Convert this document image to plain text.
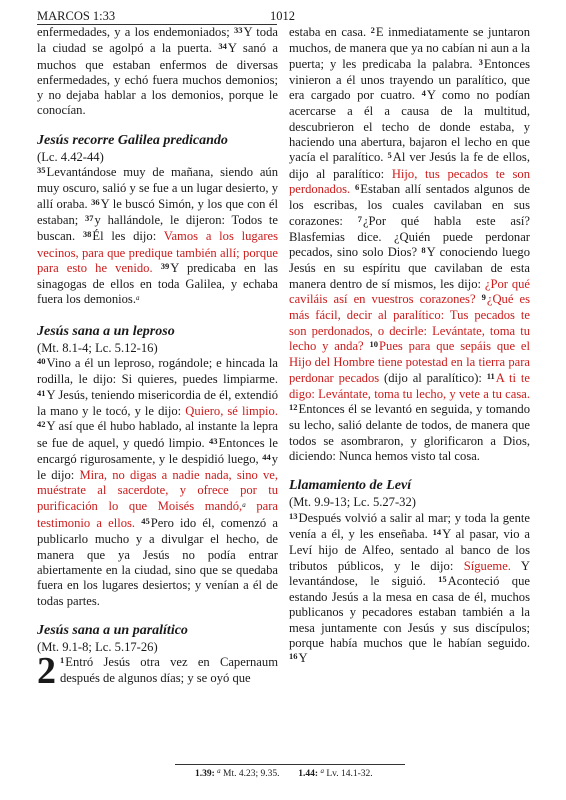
MARCOS 1:33	1012

enfermedades, y a los endemoniados; $^{33}$Y toda la ciudad se agolpó a la puerta. $^{34}$Y sanó a muchos que estaban enfermos de diversas enfermedades, y echó fuera muchos demonios; y no dejaba hablar a los demonios, porque le conocían.

Jesús recorre Galilea predicando
(Lc. 4.42-44)

$^{35}$Levantándose muy de mañana, siendo aún muy oscuro, salió y se fue a un lugar desierto, y allí oraba. $^{36}$Y le buscó Simón, y los que con él estaban; $^{37}$y hallándole, le dijeron: Todos te buscan. $^{38}$Él les dijo: Vamos a los lugares vecinos, para que predique también allí; porque para esto he venido. $^{39}$Y predicaba en las sinagogas de ellos en toda Galilea, y echaba fuera los demonios.$^a$

Jesús sana a un leproso
(Mt. 8.1-4; Lc. 5.12-16)

$^{40}$Vino a él un leproso, rogándole; e hincada la rodilla, le dijo: Si quieres, puedes limpiarme. $^{41}$Y Jesús, teniendo misericordia de él, extendió la mano y le tocó, y le dijo: Quiero, sé limpio. $^{42}$Y así que él hubo hablado, al instante la lepra se fue de aquel, y quedó limpio. $^{43}$Entonces le encargó rigurosamente, y le despidió luego, $^{44}$y le dijo: Mira, no digas a nadie nada, sino ve, muéstrate al sacerdote, y ofrece por tu purificación lo que Moisés mandó,$^a$ para testimonio a ellos. $^{45}$Pero ido él, comenzó a publicarlo mucho y a divulgar el hecho, de manera que ya Jesús no podía entrar abiertamente en la ciudad, sino que se quedaba fuera en los lugares desiertos; y venían a él de todas partes.

Jesús sana a un paralítico
(Mt. 9.1-8; Lc. 5.17-26)

2 $^1$Entró Jesús otra vez en Capernaum después de algunos días; y se oyó que

estaba en casa. $^2$E inmediatamente se juntaron muchos, de manera que ya no cabían ni aun a la puerta; y les predicaba la palabra. $^3$Entonces vinieron a él unos trayendo un paralítico, que era cargado por cuatro. $^4$Y como no podían acercarse a él a causa de la multitud, descubrieron el techo de donde estaba, y haciendo una abertura, bajaron el lecho en que yacía el paralítico. $^5$Al ver Jesús la fe de ellos, dijo al paralítico: Hijo, tus pecados te son perdonados. $^6$Estaban allí sentados algunos de los escribas, los cuales cavilaban en sus corazones: $^7$¿Por qué habla este así? Blasfemias dice. ¿Quién puede perdonar pecados, sino solo Dios? $^8$Y conociendo luego Jesús en su espíritu que cavilaban de esta manera dentro de sí mismos, les dijo: ¿Por qué caviláis así en vuestros corazones? $^9$¿Qué es más fácil, decir al paralítico: Tus pecados te son perdonados, o decirle: Levántate, toma tu lecho y anda? $^{10}$Pues para que sepáis que el Hijo del Hombre tiene potestad en la tierra para perdonar pecados (dijo al paralítico): $^{11}$A ti te digo: Levántate, toma tu lecho, y vete a tu casa. $^{12}$Entonces él se levantó en seguida, y tomando su lecho, salió delante de todos, de manera que todos se asombraron, y glorificaron a Dios, diciendo: Nunca hemos visto tal cosa.

Llamamiento de Leví
(Mt. 9.9-13; Lc. 5.27-32)

$^{13}$Después volvió a salir al mar; y toda la gente venía a él, y les enseñaba. $^{14}$Y al pasar, vio a Leví hijo de Alfeo, sentado al banco de los tributos públicos, y le dijo: Sígueme. Y levantándose, le siguió. $^{15}$Aconteció que estando Jesús a la mesa en casa de él, muchos publicanos y pecadores estaban también a la mesa juntamente con Jesús y sus discípulos; porque había muchos que le habían seguido. $^{16}$Y

1.39: $^a$ Mt. 4.23; 9.35. 1.44: $^a$ Lv. 14.1-32.
